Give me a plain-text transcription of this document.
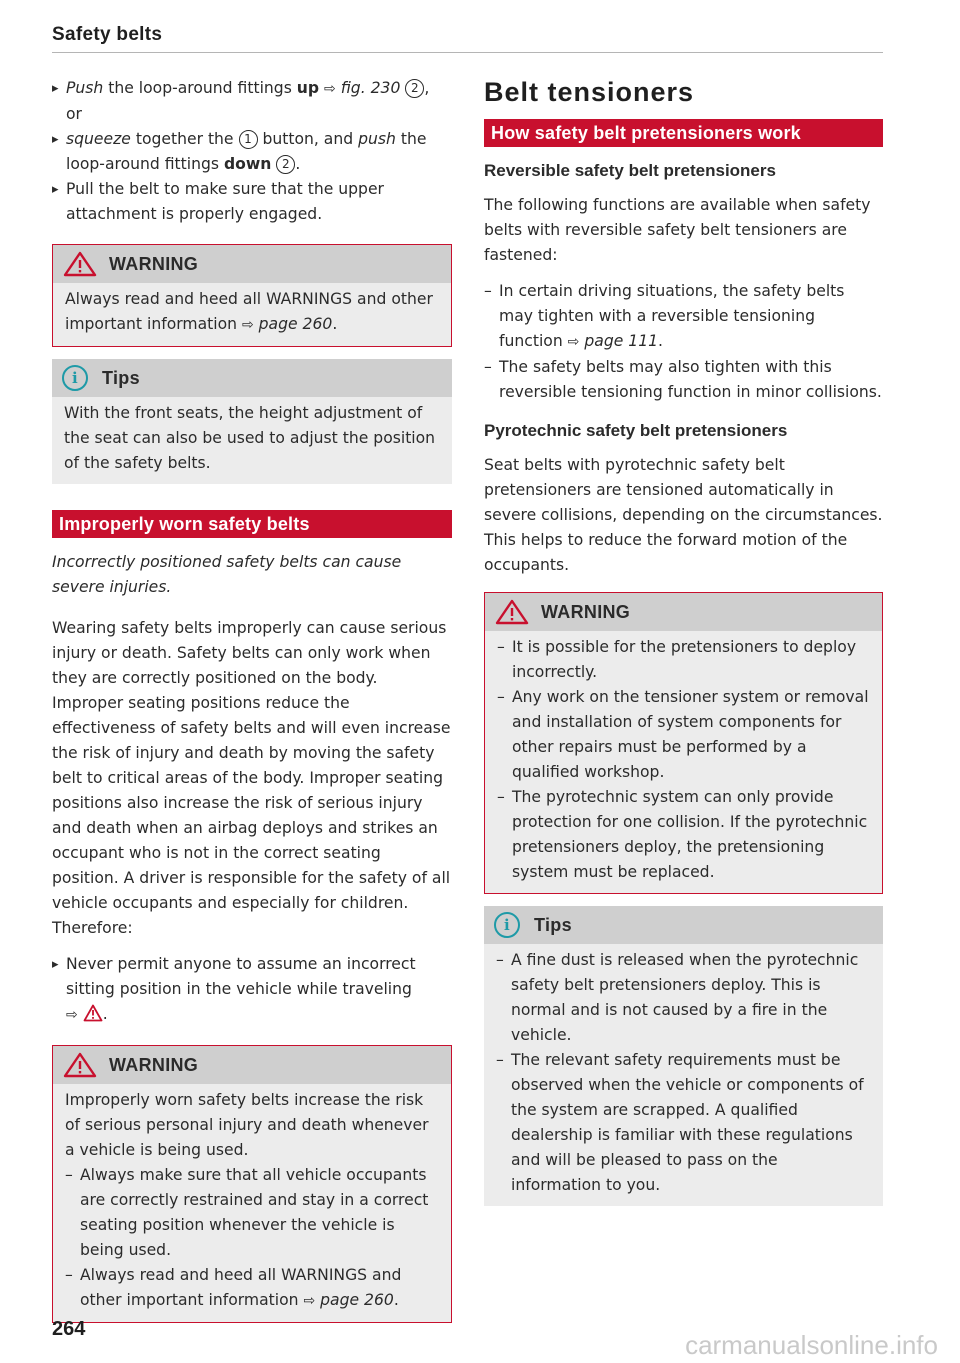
Safety belts
▸ Push the loop-around fittings up ⇨ fig. 230 2 ,
or
▸ squeeze together the 1 button, and push the loop-around fittings down 2 .
▸ Pull the belt to make sure that the upper attachment is properly engaged.
WARNING
Always read and heed all WARNINGS and other important information ⇨ page 260.
i	Tips
With the front seats, the height adjustment of the seat can also be used to adjust the position of the safety belts.
Improperly worn safety belts

Incorrectly positioned safety belts can cause severe injuries.

Wearing safety belts improperly can cause serious injury or death. Safety belts can only work when they are correctly positioned on the body. Improper seating positions reduce the effectiveness of safety belts and will even increase the risk of injury and death by moving the safety belt to critical areas of the body. Improper seating positions also increase the risk of serious injury and death when an airbag deploys and strikes an occupant who is not in the correct seating position. A driver is responsible for the safety of all vehicle occupants and especially for children. Therefore:

▸ Never permit anyone to assume an incorrect sitting position in the vehicle while traveling
⇨ .
WARNING

Improperly worn safety belts increase the risk of serious personal injury and death whenever a vehicle is being used.

– Always make sure that all vehicle occupants are correctly restrained and stay in a correct seating position whenever the vehicle is being used.
– Always read and heed all WARNINGS and other important information ⇨ page 260.
Belt tensioners
How safety belt pretensioners work
Reversible safety belt pretensioners

The following functions are available when safety belts with reversible safety belt tensioners are fastened:

– In certain driving situations, the safety belts may tighten with a reversible tensioning function ⇨ page 111.
– The safety belts may also tighten with this reversible tensioning function in minor collisions.
Pyrotechnic safety belt pretensioners

Seat belts with pyrotechnic safety belt pretensioners are tensioned automatically in severe collisions, depending on the circumstances. This helps to reduce the forward motion of the occupants.

WARNING
– It is possible for the pretensioners to deploy incorrectly.
– Any work on the tensioner system or removal and installation of system components for other repairs must be performed by a qualified workshop.
– The pyrotechnic system can only provide protection for one collision. If the pyrotechnic pretensioners deploy, the pretensioning system must be replaced.
i	Tips
– A fine dust is released when the pyrotechnic safety belt pretensioners deploy. This is normal and is not caused by a fire in the vehicle.
– The relevant safety requirements must be observed when the vehicle or components of the system are scrapped. A qualified dealership is familiar with these regulations and will be pleased to pass on the information to you.
264
carmanualsonline.info
